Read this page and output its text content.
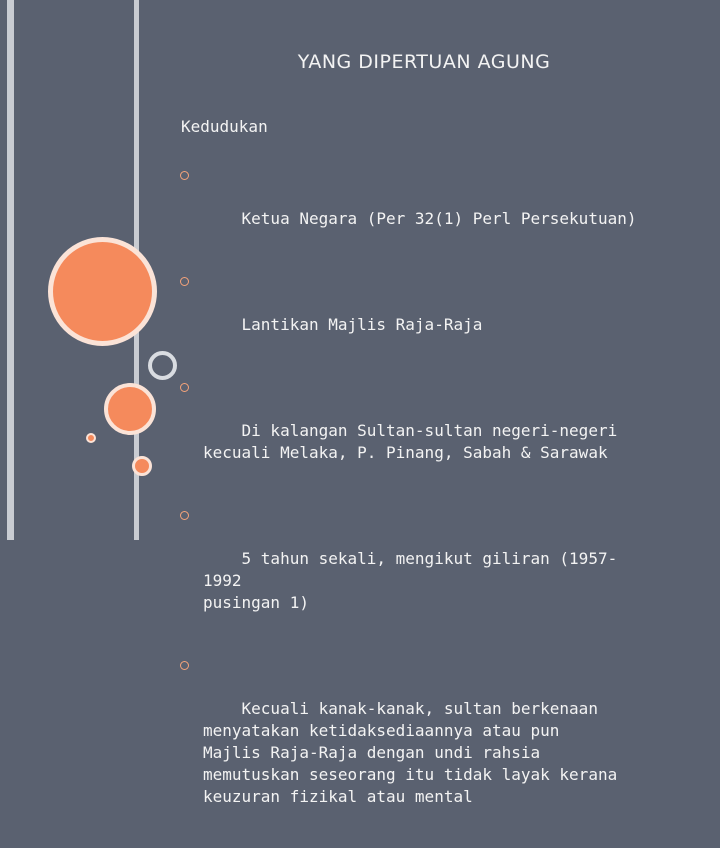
YANG DIPERTUAN AGUNG
Kedudukan

Ketua Negara (Per 32(1) Perl Persekutuan)

Lantikan Majlis Raja-Raja

Di kalangan Sultan-sultan negeri-negeri
kecuali Melaka, P. Pinang, Sabah & Sarawak

5 tahun sekali, mengikut giliran (1957-1992
pusingan 1)

Kecuali kanak-kanak, sultan berkenaan
menyatakan ketidaksediaannya atau pun
Majlis Raja-Raja dengan undi rahsia
memutuskan seseorang itu tidak layak kerana
keuzuran fizikal atau mental
